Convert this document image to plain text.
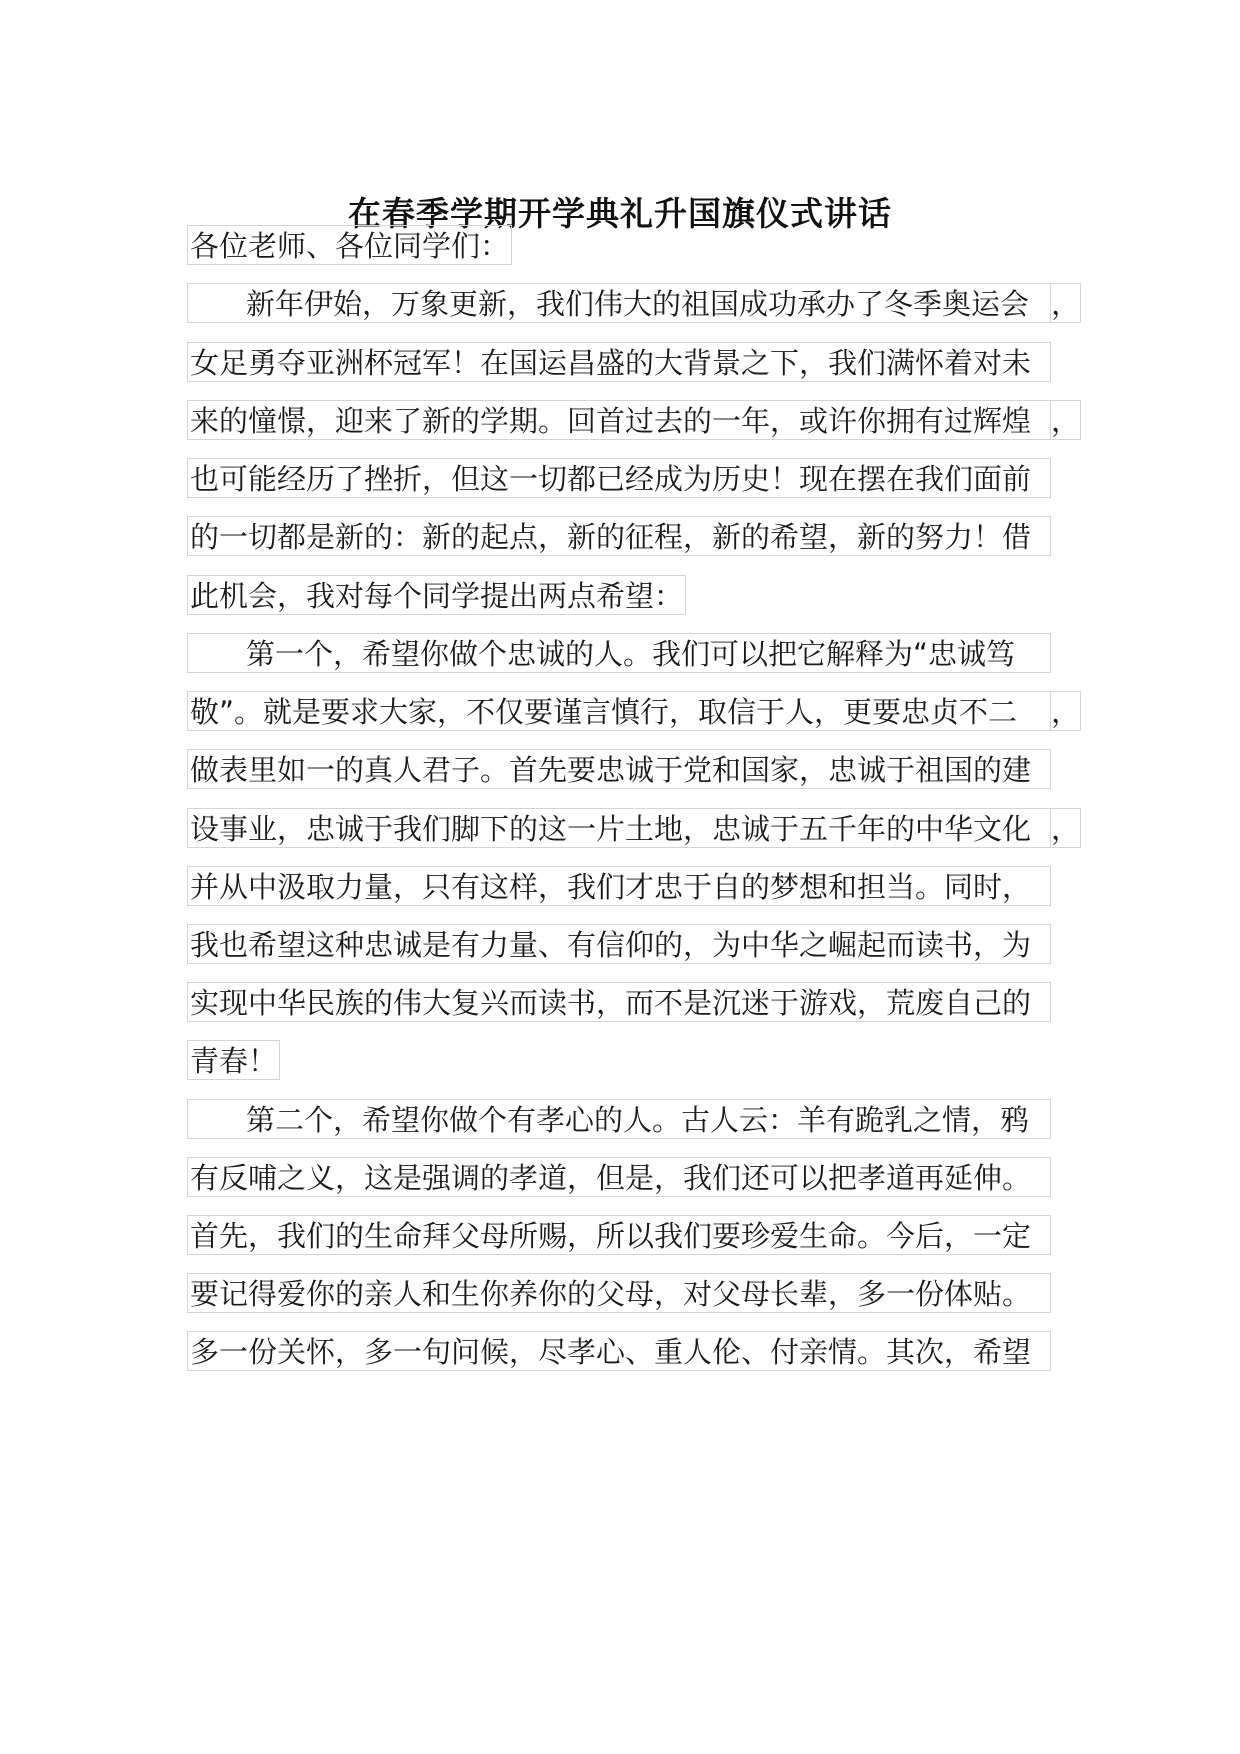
在春季学期开学典礼升国旗仪式讲话
各位老师、各位同学们：
新年伊始，万象更新，我们伟大的祖国成功承办了冬季奥运会 ，
女足勇夺亚洲杯冠军！在国运昌盛的大背景之下，我们满怀着对未
来的憧憬，迎来了新的学期。回首过去的一年，或许你拥有过辉煌 ，
也可能经历了挫折，但这一切都已经成为历史！现在摆在我们面前
的一切都是新的：新的起点，新的征程，新的希望，新的努力！借
此机会，我对每个同学提出两点希望：
第一个，希望你做个忠诚的人。我们可以把它解释为“忠诚笃
敬”。就是要求大家，不仅要谨言慎行，取信于人，更要忠贞不二 ，
做表里如一的真人君子。首先要忠诚于党和国家，忠诚于祖国的建
设事业，忠诚于我们脚下的这一片土地，忠诚于五千年的中华文化 ，
并从中汲取力量，只有这样，我们才忠于自的梦想和担当。同时，
我也希望这种忠诚是有力量、有信仰的，为中华之崛起而读书，为
实现中华民族的伟大复兴而读书，而不是沉迷于游戏，荒废自己的
青春！
第二个，希望你做个有孝心的人。古人云：羊有跪乳之情，鸦
有反哺之义，这是强调的孝道，但是，我们还可以把孝道再延伸。
首先，我们的生命拜父母所赐，所以我们要珍爱生命。今后，一定
要记得爱你的亲人和生你养你的父母，对父母长辈，多一份体贴。
多一份关怀，多一句问候，尽孝心、重人伦、付亲情。其次，希望
